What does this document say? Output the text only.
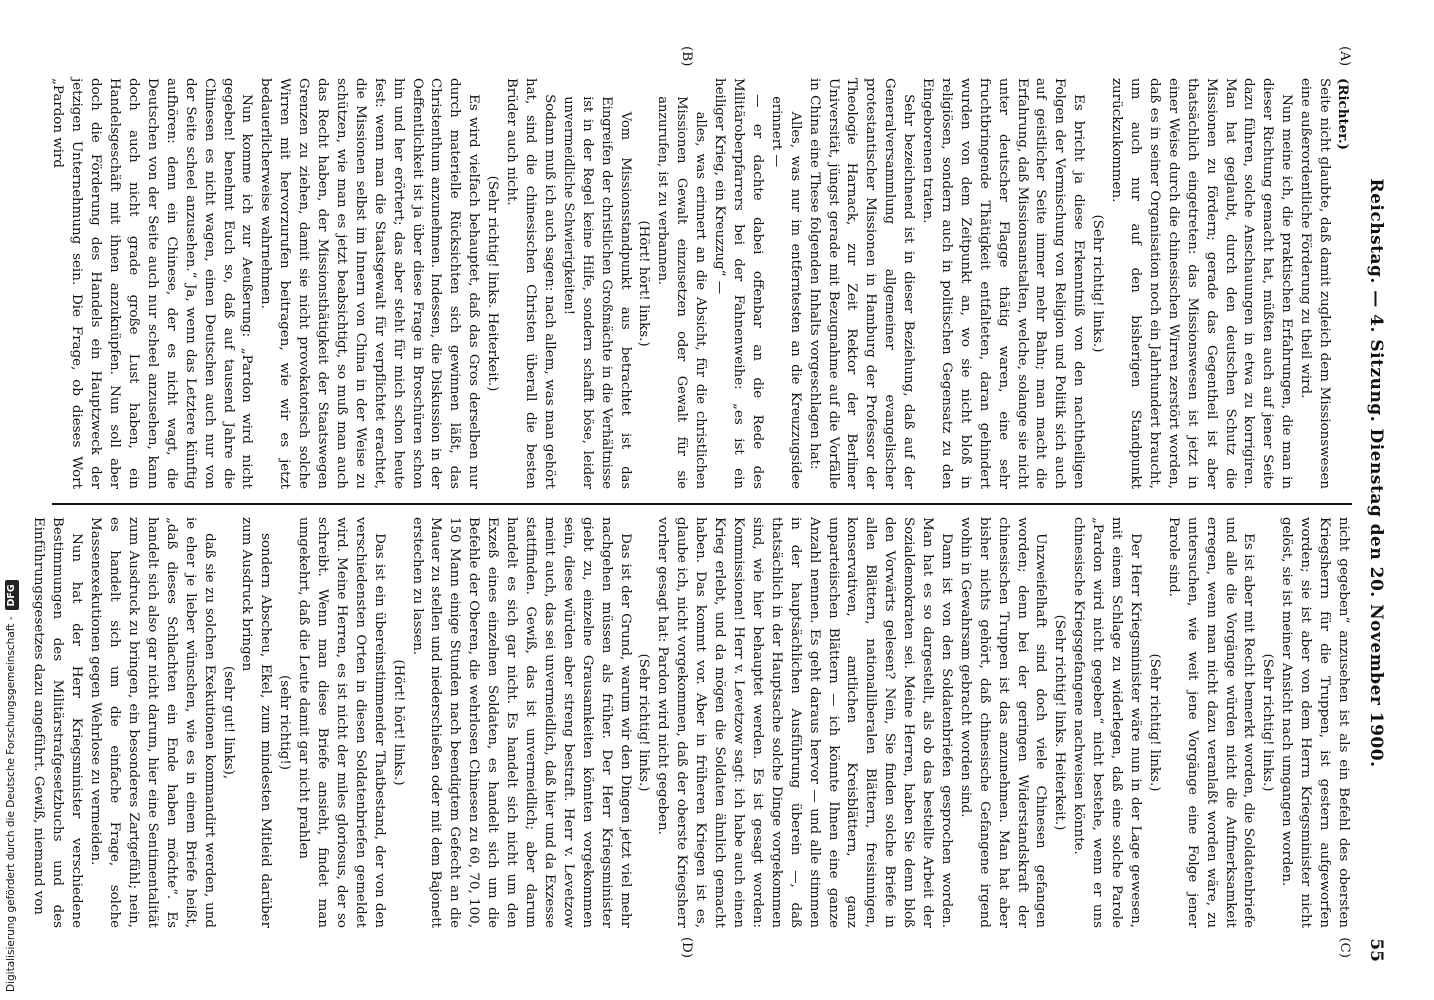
Reichstag. — 4. Sitzung. Dienstag den 20. November 1900.
55
(A)
(B)
(C)
(D)

(Richter.)

Seite nicht glaubte, daß damit zugleich dem Missionswesen eine außerordentliche Förderung zu theil wird.

Nun meine ich, die praktischen Erfahrungen, die man in dieser Richtung gemacht hat, müßten auch auf jener Seite dazu führen, solche Anschauungen in etwa zu korrigiren. Man hat geglaubt, durch den deutschen Schutz die Missionen zu fördern; gerade das Gegentheil ist aber thatsächlich eingetreten: das Missionswesen ist jetzt in einer Weise durch die chinesischen Wirren zerstört worden, daß es in seiner Organisation noch ein Jahrhundert braucht, um auch nur auf den bisherigen Standpunkt zurückzukommen.

(Sehr richtig! links.)

Es bricht ja diese Erkenntniß von den nachtheiligen Folgen der Vermischung von Religion und Politik sich auch auf geistlicher Seite immer mehr Bahn; man macht die Erfahrung, daß Missionsanstalten, welche, solange sie nicht unter deutscher Flagge thätig waren, eine sehr fruchtbringende Thätigkeit entfalteten, daran gehindert wurden von dem Zeitpunkt an, wo sie nicht bloß in religiösen, sondern auch in politischen Gegensatz zu den Eingeborenen traten.

Sehr bezeichnend ist in dieser Beziehung, daß auf der Generalversammlung allgemeiner evangelischer protestantischer Missionen in Hamburg der Professor der Theologie Harnack, zur Zeit Rektor der Berliner Universität, jüngst gerade mit Bezugnahme auf die Vorfälle in China eine These folgenden Inhalts vorgeschlagen hat:

Alles, was nur im entferntesten an die Kreuzzugsidee erinnert —

— er dachte dabei offenbar an die Rede des Militäroberpfarrers bei der Fahnenweihe: „es ist ein heiliger Krieg, ein Kreuzzug“ —

alles, was erinnert an die Absicht, für die christlichen Missionen Gewalt einzusetzen oder Gewalt für sie anzurufen, ist zu verbannen.

(Hört! hört! links.)

Vom Missionsstandpunkt aus betrachtet ist das Eingreifen der christlichen Großmächte in die Verhältnisse ist in der Regel keine Hilfe, sondern schafft böse, leider unvermeidliche Schwierigkeiten!

Sodann muß ich auch sagen: nach allem, was man gehört hat, sind die chinesischen Christen überall die besten Brüder auch nicht.

(Sehr richtig! links. Heiterkeit.)

Es wird vielfach behauptet, daß das Gros derselben nur durch materielle Rücksichten sich gewinnen läßt, das Christenthum anzunehmen. Indessen, die Diskussion in der Oeffentlichkeit ist ja über diese Frage in Broschüren schon hin und her erörtert; das aber steht für mich schon heute fest: wenn man die Staatsgewalt für verpflichtet erachtet, die Missionen selbst im Innern von China in der Weise zu schützen, wie man es jetzt beabsichtigt, so muß man auch das Recht haben, der Missionsthätigkeit der Staatswegen Grenzen zu ziehen, damit sie nicht provokatorisch solche Wirren mit hervorzurufen beitragen, wie wir es jetzt bedauerlicherweise wahrnehmen.

Nun komme ich zur Aeußerung: „Pardon wird nicht gegeben! benehmt Euch so, daß auf tausend Jahre die Chinesen es nicht wagen, einen Deutschen auch nur von der Seite scheel anzusehen.“ Ja, wenn das Letztere künftig aufhören: denn ein Chinese, der es nicht wagt, die Deutschen von der Seite auch nur scheel anzusehen, kann doch auch nicht grade große Lust haben, ein Handelsgeschäft mit ihnen anzuknüpfen. Nun soll aber doch die Förderung des Handels ein Hauptzweck der jetzigen Unternehmung sein. Die Frage, ob dieses Wort „Pardon wird

nicht gegeben“ anzusehen ist als ein Befehl des obersten Kriegsherrn für die Truppen, ist gestern aufgeworfen worden; sie ist aber von dem Herrn Kriegsminister nicht gelöst, sie ist meiner Ansicht nach umgangen worden.

(Sehr richtig! links.)

Es ist aber mit Recht bemerkt worden, die Soldatenbriefe und alle die Vorgänge würden nicht die Aufmerksamkeit erregen, wenn man nicht dazu veranlaßt worden wäre, zu untersuchen, wie weit jene Vorgänge eine Folge jener Parole sind.

(Sehr richtig! links.)

Der Herr Kriegsminister wäre nun in der Lage gewesen, mit einem Schlage zu widerlegen, daß eine solche Parole „Pardon wird nicht gegeben“ nicht bestehe, wenn er uns chinesische Kriegsgefangene nachweisen könnte.

(Sehr richtig! links. Heiterkeit.)

Unzweifelhaft sind doch viele Chinesen gefangen worden; denn bei der geringen Widerstandskraft der chinesischen Truppen ist das anzunehmen. Man hat aber bisher nichts gehört, daß chinesische Gefangene irgend wohin in Gewahrsam gebracht worden sind.

Dann ist von den Soldatenbriefen gesprochen worden. Man hat es so dargestellt, als ob das bestellte Arbeit der Sozialdemokraten sei. Meine Herren, haben Sie denn bloß den Vorwärts gelesen? Nein, Sie finden solche Briefe in allen Blättern, nationalliberalen Blättern, freisinnigen, konservativen, amtlichen Kreisblättern, ganz unparteiischen Blättern — ich könnte Ihnen eine ganze Anzahl nennen. Es geht daraus hervor — und alle stimmen in der hauptsächlichen Ausführung überein —, daß thatsächlich in der Hauptsache solche Dinge vorgekommen sind, wie hier behauptet werden. Es ist gesagt worden: Kommissionen! Herr v. Levetzow sagt: ich habe auch einen Krieg erlebt, und da mögen die Soldaten ähnlich gemacht haben. Das kommt vor. Aber in früheren Kriegen ist es, glaube ich, nicht vorgekommen, daß der oberste Kriegsherr vorher gesagt hat: Pardon wird nicht gegeben.

(Sehr richtig! links.)

Das ist der Grund, warum wir den Dingen jetzt viel mehr nachgehen müssen als früher. Der Herr Kriegsminister giebt zu, einzelne Grausamkeiten könnten vorgekommen sein, diese würden aber streng bestraft. Herr v. Levetzow meint auch, das sei unvermeidlich, daß hier und da Exzesse stattfinden. Gewiß, das ist unvermeidlich; aber darum handelt es sich gar nicht. Es handelt sich nicht um den Exzeß eines einzelnen Soldaten, es handelt sich um die Befehle der Oberen, die wehrlosen Chinesen zu 60, 70, 100, 150 Mann einige Stunden nach beendigtem Gefecht an die Mauer zu stellen und niederschießen oder mit dem Bajonett erstechen zu lassen.

(Hört! hört! links.)

Das ist ein übereinstimmender Thatbestand, der von den verschiedensten Orten in diesen Soldatenbriefen gemeldet wird. Meine Herren, es ist nicht der miles gloriosus, der so schreibt. Wenn man diese Briefe ansieht, findet man umgekehrt, daß die Leute damit gar nicht prahlen

(sehr richtig!)

sondern Abscheu, Ekel, zum mindesten Mitleid darüber zum Ausdruck bringen

(sehr gut! links),

daß sie zu solchen Exekutionen kommandirt werden, und ie eher je lieber wünschen, wie es in einem Briefe heißt, „daß dieses Schlachten ein Ende haben möchte“. Es handelt sich also gar nicht darum, hier eine Sentimentalität zum Ausdruck zu bringen, ein besonderes Zartgefühl; nein, es handelt sich um die einfache Frage, solche Massenexekutionen gegen Wehrlose zu vermeiden.

Nun hat der Herr Kriegsminister verschiedene Bestimmungen des Militärstrafgesetzbuchs und des Einführungsgesetzes dazu angeführt. Gewiß, niemand von

Digitalisierung gefördert durch die Deutsche Forschungsgemeinschaft -DFG
